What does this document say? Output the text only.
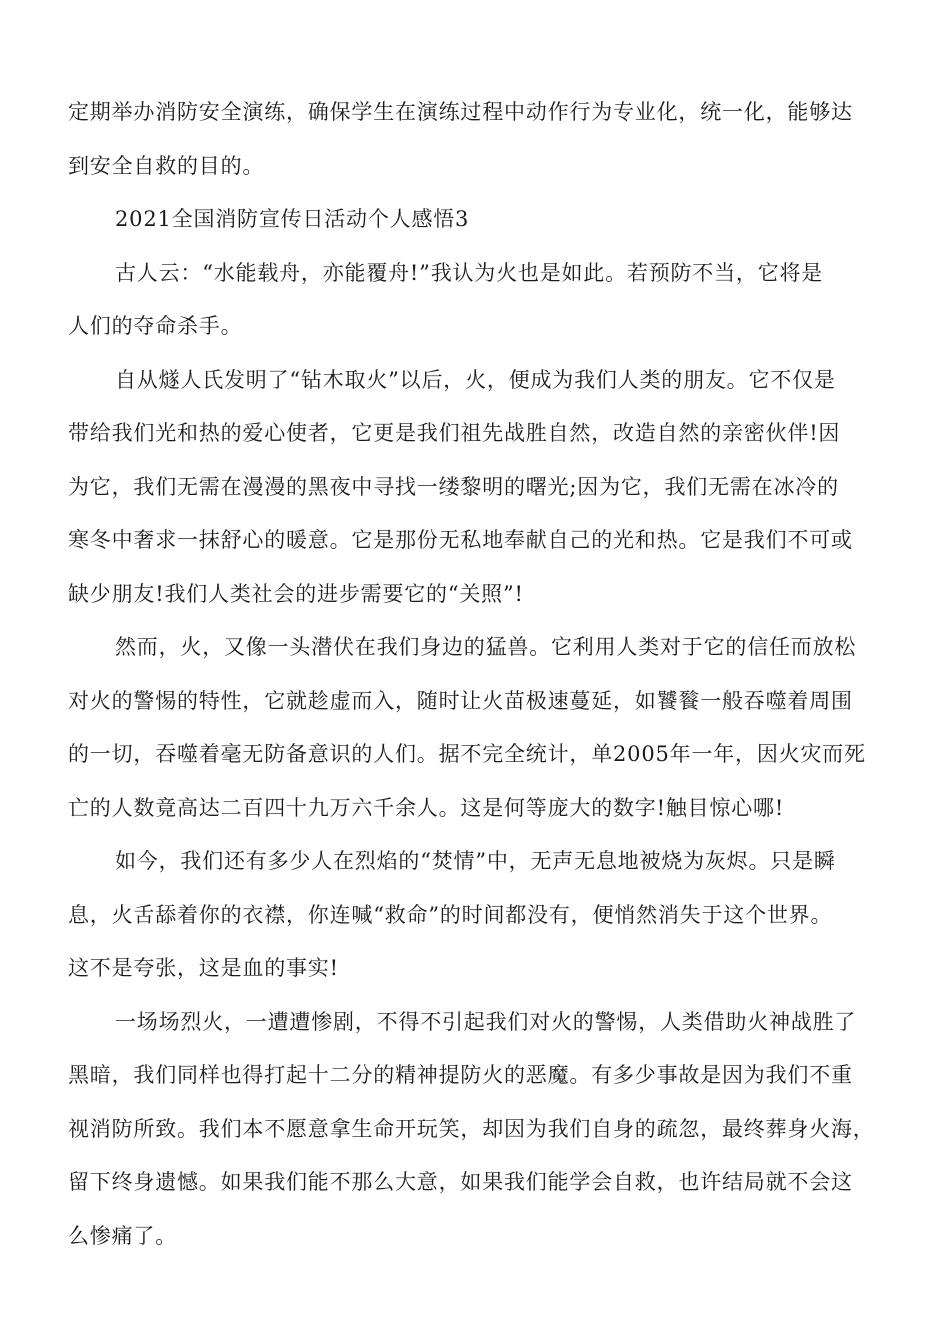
定期举办消防安全演练，确保学生在演练过程中动作行为专业化，统一化，能够达
到安全自救的目的。
2021全国消防宣传日活动个人感悟3
古人云：“水能载舟，亦能覆舟!”我认为火也是如此。若预防不当，它将是
人们的夺命杀手。
自从燧人氏发明了“钻木取火”以后，火，便成为我们人类的朋友。它不仅是
带给我们光和热的爱心使者，它更是我们祖先战胜自然，改造自然的亲密伙伴!因
为它，我们无需在漫漫的黑夜中寻找一缕黎明的曙光;因为它，我们无需在冰冷的
寒冬中奢求一抹舒心的暖意。它是那份无私地奉献自己的光和热。它是我们不可或
缺少朋友!我们人类社会的进步需要它的“关照”!
然而，火，又像一头潜伏在我们身边的猛兽。它利用人类对于它的信任而放松
对火的警惕的特性，它就趁虚而入，随时让火苗极速蔓延，如饕餮一般吞噬着周围
的一切，吞噬着毫无防备意识的人们。据不完全统计，单2005年一年，因火灾而死
亡的人数竟高达二百四十九万六千余人。这是何等庞大的数字!触目惊心哪!
如今，我们还有多少人在烈焰的“焚情”中，无声无息地被烧为灰烬。只是瞬
息，火舌舔着你的衣襟，你连喊“救命”的时间都没有，便悄然消失于这个世界。
这不是夸张，这是血的事实!
一场场烈火，一遭遭惨剧，不得不引起我们对火的警惕，人类借助火神战胜了
黑暗，我们同样也得打起十二分的精神提防火的恶魔。有多少事故是因为我们不重
视消防所致。我们本不愿意拿生命开玩笑，却因为我们自身的疏忽，最终葬身火海，
留下终身遗憾。如果我们能不那么大意，如果我们能学会自救，也许结局就不会这
么惨痛了。
